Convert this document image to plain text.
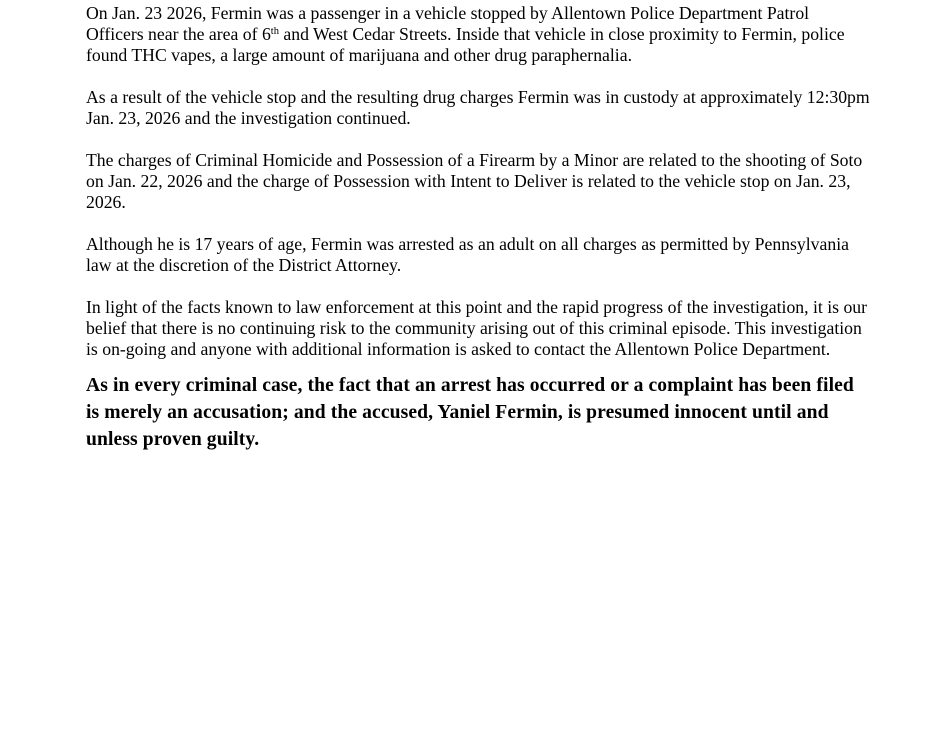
On Jan. 23 2026, Fermin was a passenger in a vehicle stopped by Allentown Police Department Patrol Officers near the area of 6th and West Cedar Streets. Inside that vehicle in close proximity to Fermin, police found THC vapes, a large amount of marijuana and other drug paraphernalia.

As a result of the vehicle stop and the resulting drug charges Fermin was in custody at approximately 12:30pm Jan. 23, 2026 and the investigation continued.

The charges of Criminal Homicide and Possession of a Firearm by a Minor are related to the shooting of Soto on Jan. 22, 2026 and the charge of Possession with Intent to Deliver is related to the vehicle stop on Jan. 23, 2026.

Although he is 17 years of age, Fermin was arrested as an adult on all charges as permitted by Pennsylvania law at the discretion of the District Attorney.

In light of the facts known to law enforcement at this point and the rapid progress of the investigation, it is our belief that there is no continuing risk to the community arising out of this criminal episode. This investigation is on-going and anyone with additional information is asked to contact the Allentown Police Department.

As in every criminal case, the fact that an arrest has occurred or a complaint has been filed is merely an accusation; and the accused, Yaniel Fermin, is presumed innocent until and unless proven guilty.
